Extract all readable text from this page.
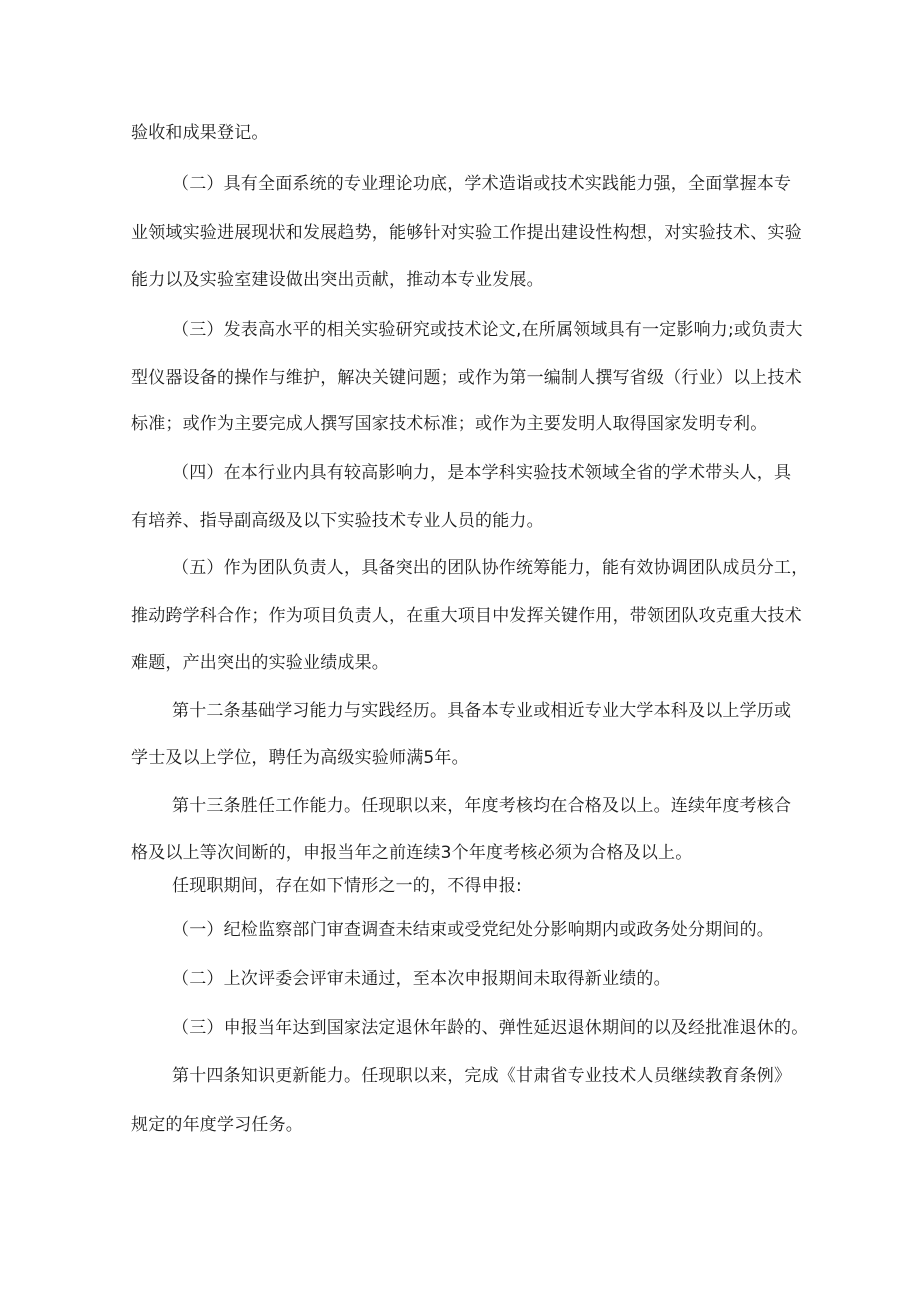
验收和成果登记。
（二）具有全面系统的专业理论功底，学术造诣或技术实践能力强，全面掌握本专
业领域实验进展现状和发展趋势，能够针对实验工作提出建设性构想，对实验技术、实验
能力以及实验室建设做出突出贡献，推动本专业发展。
（三）发表高水平的相关实验研究或技术论文,在所属领域具有一定影响力;或负责大
型仪器设备的操作与维护，解决关键问题；或作为第一编制人撰写省级（行业）以上技术
标准；或作为主要完成人撰写国家技术标准；或作为主要发明人取得国家发明专利。
（四）在本行业内具有较高影响力，是本学科实验技术领域全省的学术带头人，具
有培养、指导副高级及以下实验技术专业人员的能力。
（五）作为团队负责人，具备突出的团队协作统筹能力，能有效协调团队成员分工，
推动跨学科合作；作为项目负责人，在重大项目中发挥关键作用，带领团队攻克重大技术
难题，产出突出的实验业绩成果。
第十二条基础学习能力与实践经历。具备本专业或相近专业大学本科及以上学历或
学士及以上学位，聘任为高级实验师满5年。
第十三条胜任工作能力。任现职以来，年度考核均在合格及以上。连续年度考核合
格及以上等次间断的，申报当年之前连续3个年度考核必须为合格及以上。
任现职期间，存在如下情形之一的，不得申报:
（一）纪检监察部门审查调查未结束或受党纪处分影响期内或政务处分期间的。
（二）上次评委会评审未通过，至本次申报期间未取得新业绩的。
（三）申报当年达到国家法定退休年龄的、弹性延迟退休期间的以及经批准退休的。
第十四条知识更新能力。任现职以来，完成《甘肃省专业技术人员继续教育条例》
规定的年度学习任务。
